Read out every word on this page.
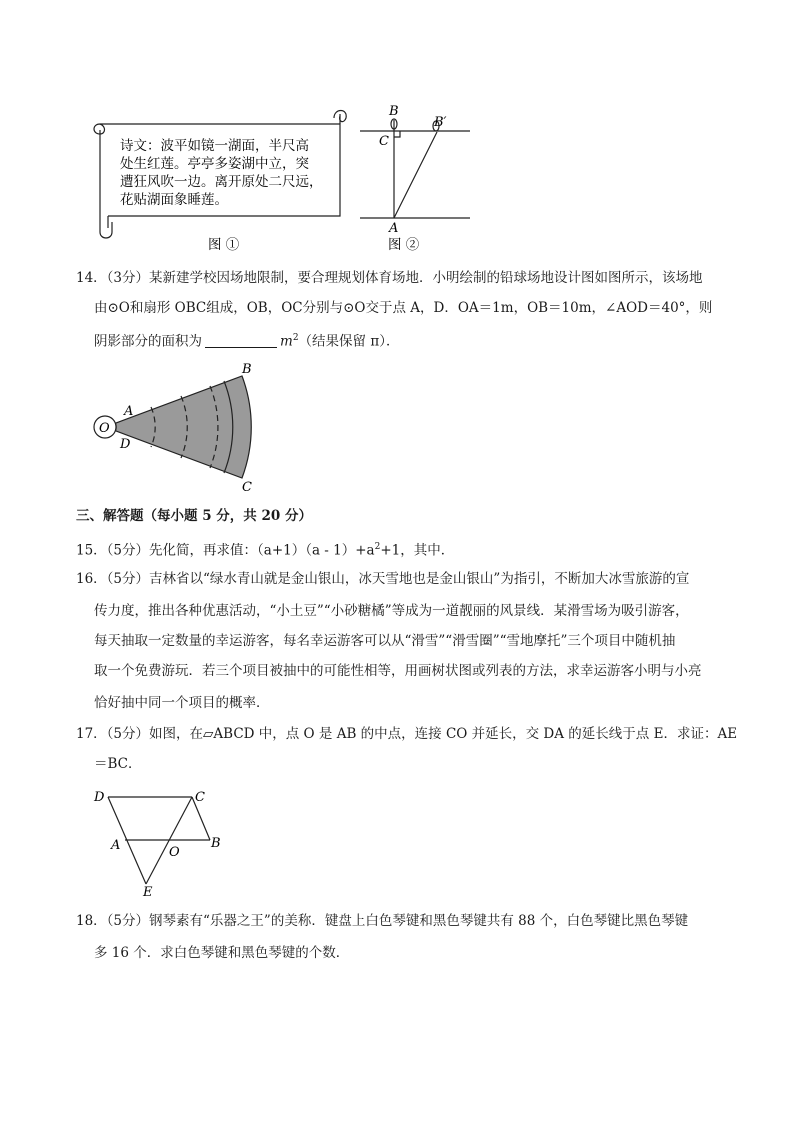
诗文：波平如镜一湖面，半尺高
处生红莲。亭亭多姿湖中立，突
遭狂风吹一边。离开原处二尺远，
花贴湖面象睡莲。
图 ①
B
B′
C
A
图 ②
14．（3分）某新建学校因场地限制，要合理规划体育场地．小明绘制的铅球场地设计图如图所示，该场地
由⊙O和扇形 OBC组成，OB，OC分别与⊙O交于点 A，D．OA＝1m，OB＝10m，∠AOD＝40°，则
阴影部分的面积为	$m^2$（结果保留 π）．
O
A
D
B
C
三、解答题（每小题 5 分，共 20 分）
15．（5分）先化简，再求值：$(a+1)(a - 1)+a^2+1$，其中．
16．（5分）吉林省以“绿水青山就是金山银山，冰天雪地也是金山银山”为指引，不断加大冰雪旅游的宣
传力度，推出各种优惠活动，“小土豆”“小砂糖橘”等成为一道靓丽的风景线．某滑雪场为吸引游客，
每天抽取一定数量的幸运游客，每名幸运游客可以从“滑雪”“滑雪圈”“雪地摩托”三个项目中随机抽
取一个免费游玩．若三个项目被抽中的可能性相等，用画树状图或列表的方法，求幸运游客小明与小亮
恰好抽中同一个项目的概率．
17．（5分）如图，在▱ABCD 中，点 O 是 AB 的中点，连接 CO 并延长，交 DA 的延长线于点 E．求证：AE
＝BC．
D	C
A	O
B
E
18．（5分）钢琴素有“乐器之王”的美称．键盘上白色琴键和黑色琴键共有 88 个，白色琴键比黑色琴键
多 16 个．求白色琴键和黑色琴键的个数．
